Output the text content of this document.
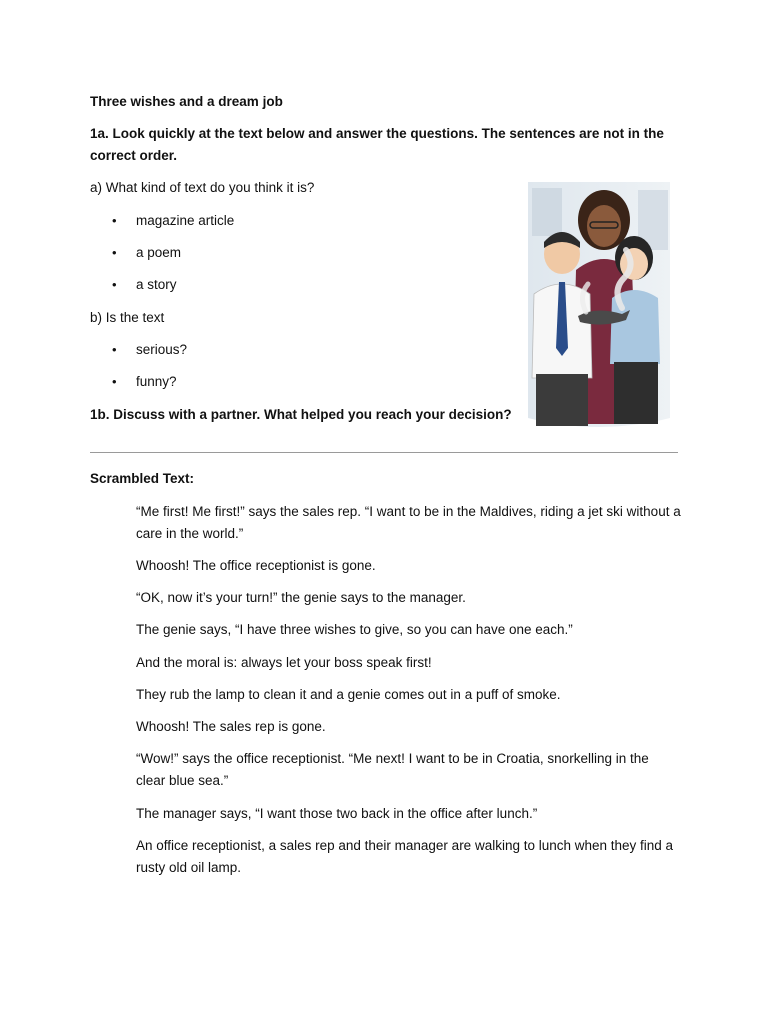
Three wishes and a dream job
1a. Look quickly at the text below and answer the questions. The sentences are not in the correct order.
a) What kind of text do you think it is?
• magazine article
• a poem
• a story
b) Is the text
• serious?
• funny?
1b. Discuss with a partner. What helped you reach your decision?
Scrambled Text:
“Me first! Me first!” says the sales rep. “I want to be in the Maldives, riding a jet ski without a care in the world.”
Whoosh! The office receptionist is gone.
“OK, now it’s your turn!” the genie says to the manager.
The genie says, “I have three wishes to give, so you can have one each.”
And the moral is: always let your boss speak first!
They rub the lamp to clean it and a genie comes out in a puff of smoke.
Whoosh! The sales rep is gone.
“Wow!” says the office receptionist. “Me next! I want to be in Croatia, snorkelling in the clear blue sea.”
The manager says, “I want those two back in the office after lunch.”
An office receptionist, a sales rep and their manager are walking to lunch when they find a rusty old oil lamp.
